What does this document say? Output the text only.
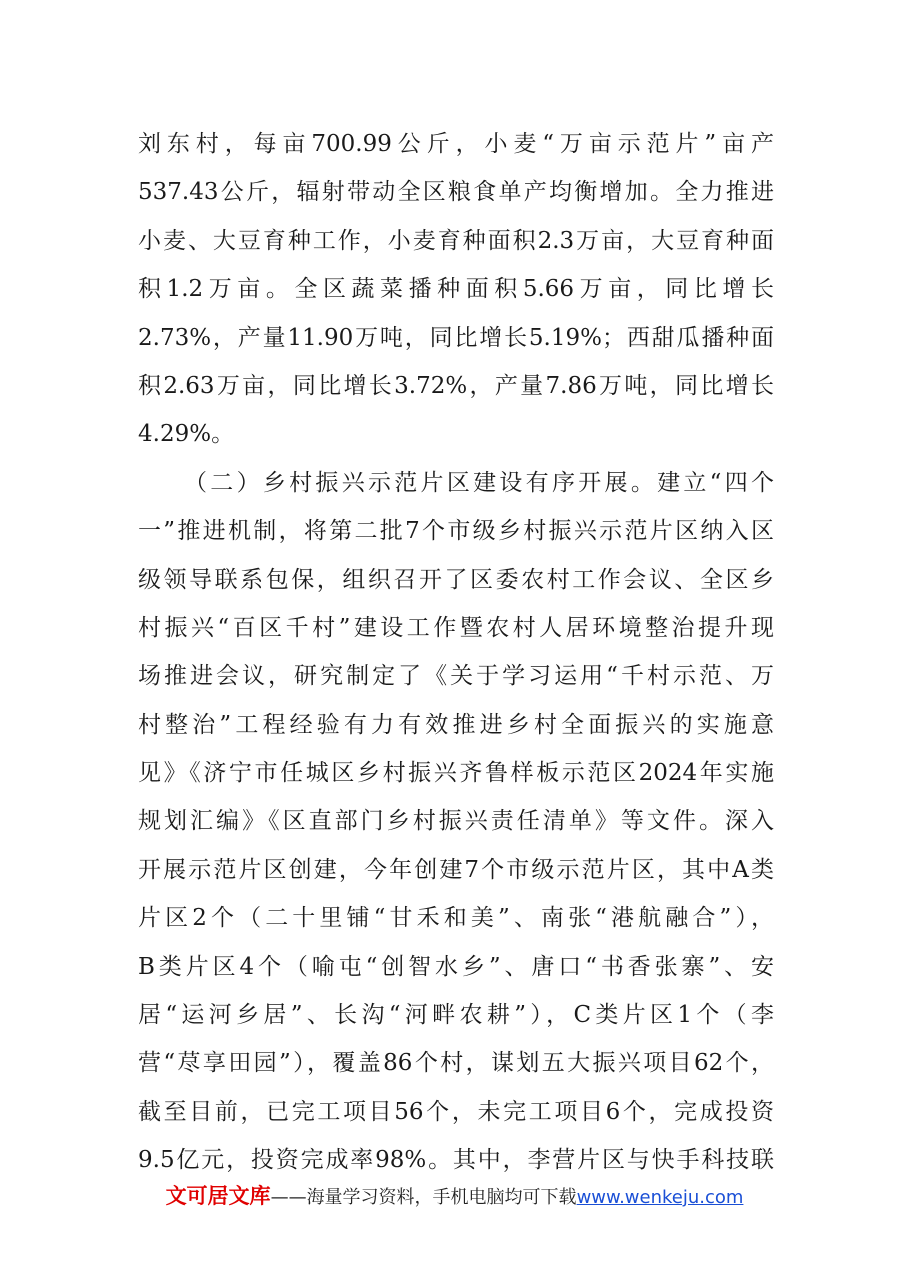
刘东村，每亩700.99公斤，小麦“万亩示范片”亩产
537.43公斤，辐射带动全区粮食单产均衡增加。全力推进
小麦、大豆育种工作，小麦育种面积2.3万亩，大豆育种面
积1.2万亩。全区蔬菜播种面积5.66万亩，同比增长
2.73%，产量11.90万吨，同比增长5.19%；西甜瓜播种面
积2.63万亩，同比增长3.72%，产量7.86万吨，同比增长
4.29%。
（二）乡村振兴示范片区建设有序开展。建立“四个
一”推进机制，将第二批7个市级乡村振兴示范片区纳入区
级领导联系包保，组织召开了区委农村工作会议、全区乡
村振兴“百区千村”建设工作暨农村人居环境整治提升现
场推进会议，研究制定了《关于学习运用“千村示范、万
村整治”工程经验有力有效推进乡村全面振兴的实施意
见》《济宁市任城区乡村振兴齐鲁样板示范区2024年实施
规划汇编》《区直部门乡村振兴责任清单》等文件。深入
开展示范片区创建，今年创建7个市级示范片区，其中A类
片区2个（二十里铺“甘禾和美”、南张“港航融合”），
B类片区4个（喻屯“创智水乡”、唐口“书香张寨”、安
居“运河乡居”、长沟“河畔农耕”），C类片区1个（李
营“荩享田园”），覆盖86个村，谋划五大振兴项目62个，
截至目前，已完工项目56个，未完工项目6个，完成投资
9.5亿元，投资完成率98%。其中，李营片区与快手科技联
文可居文库——海量学习资料，手机电脑均可下载www.wenkeju.com
